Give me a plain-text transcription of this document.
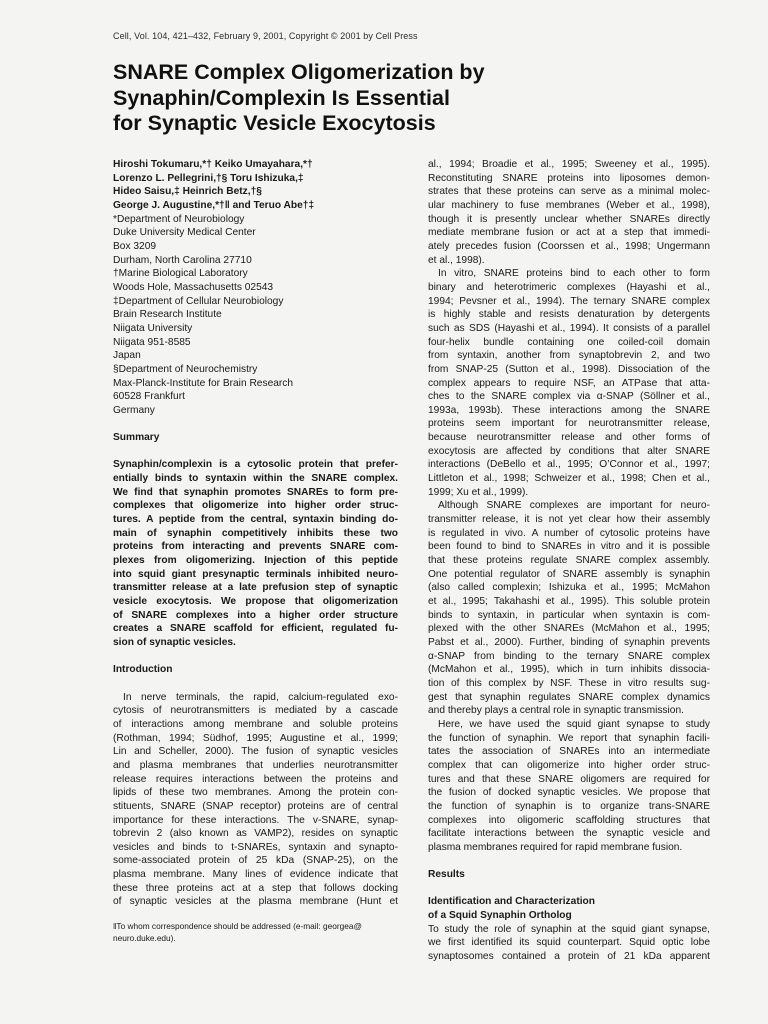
Cell, Vol. 104, 421–432, February 9, 2001, Copyright © 2001 by Cell Press
SNARE Complex Oligomerization by
Synaphin/Complexin Is Essential
for Synaptic Vesicle Exocytosis
Hiroshi Tokumaru,*† Keiko Umayahara,*†
Lorenzo L. Pellegrini,†§ Toru Ishizuka,‡
Hideo Saisu,‡ Heinrich Betz,†§
George J. Augustine,*†‖ and Teruo Abe†‡
*Department of Neurobiology
Duke University Medical Center
Box 3209
Durham, North Carolina 27710
†Marine Biological Laboratory
Woods Hole, Massachusetts 02543
‡Department of Cellular Neurobiology
Brain Research Institute
Niigata University
Niigata 951-8585
Japan
§Department of Neurochemistry
Max-Planck-Institute for Brain Research
60528 Frankfurt
Germany
Summary
Synaphin/complexin is a cytosolic protein that prefer-
entially binds to syntaxin within the SNARE complex.
We find that synaphin promotes SNAREs to form pre-
complexes that oligomerize into higher order struc-
tures. A peptide from the central, syntaxin binding do-
main of synaphin competitively inhibits these two
proteins from interacting and prevents SNARE com-
plexes from oligomerizing. Injection of this peptide
into squid giant presynaptic terminals inhibited neuro-
transmitter release at a late prefusion step of synaptic
vesicle exocytosis. We propose that oligomerization
of SNARE complexes into a higher order structure
creates a SNARE scaffold for efficient, regulated fu-
sion of synaptic vesicles.
Introduction
In nerve terminals, the rapid, calcium-regulated exo-
cytosis of neurotransmitters is mediated by a cascade
of interactions among membrane and soluble proteins
(Rothman, 1994; Südhof, 1995; Augustine et al., 1999;
Lin and Scheller, 2000). The fusion of synaptic vesicles
and plasma membranes that underlies neurotransmitter
release requires interactions between the proteins and
lipids of these two membranes. Among the protein con-
stituents, SNARE (SNAP receptor) proteins are of central
importance for these interactions. The v-SNARE, synap-
tobrevin 2 (also known as VAMP2), resides on synaptic
vesicles and binds to t-SNAREs, syntaxin and synapto-
some-associated protein of 25 kDa (SNAP-25), on the
plasma membrane. Many lines of evidence indicate that
these three proteins act at a step that follows docking
of synaptic vesicles at the plasma membrane (Hunt et
‖To whom correspondence should be addressed (e-mail: georgea@
neuro.duke.edu).
al., 1994; Broadie et al., 1995; Sweeney et al., 1995).
Reconstituting SNARE proteins into liposomes demon-
strates that these proteins can serve as a minimal molec-
ular machinery to fuse membranes (Weber et al., 1998),
though it is presently unclear whether SNAREs directly
mediate membrane fusion or act at a step that immedi-
ately precedes fusion (Coorssen et al., 1998; Ungermann
et al., 1998).
In vitro, SNARE proteins bind to each other to form
binary and heterotrimeric complexes (Hayashi et al.,
1994; Pevsner et al., 1994). The ternary SNARE complex
is highly stable and resists denaturation by detergents
such as SDS (Hayashi et al., 1994). It consists of a parallel
four-helix bundle containing one coiled-coil domain
from syntaxin, another from synaptobrevin 2, and two
from SNAP-25 (Sutton et al., 1998). Dissociation of the
complex appears to require NSF, an ATPase that atta-
ches to the SNARE complex via α-SNAP (Söllner et al.,
1993a, 1993b). These interactions among the SNARE
proteins seem important for neurotransmitter release,
because neurotransmitter release and other forms of
exocytosis are affected by conditions that alter SNARE
interactions (DeBello et al., 1995; O’Connor et al., 1997;
Littleton et al., 1998; Schweizer et al., 1998; Chen et al.,
1999; Xu et al., 1999).
Although SNARE complexes are important for neuro-
transmitter release, it is not yet clear how their assembly
is regulated in vivo. A number of cytosolic proteins have
been found to bind to SNAREs in vitro and it is possible
that these proteins regulate SNARE complex assembly.
One potential regulator of SNARE assembly is synaphin
(also called complexin; Ishizuka et al., 1995; McMahon
et al., 1995; Takahashi et al., 1995). This soluble protein
binds to syntaxin, in particular when syntaxin is com-
plexed with the other SNAREs (McMahon et al., 1995;
Pabst et al., 2000). Further, binding of synaphin prevents
α-SNAP from binding to the ternary SNARE complex
(McMahon et al., 1995), which in turn inhibits dissocia-
tion of this complex by NSF. These in vitro results sug-
gest that synaphin regulates SNARE complex dynamics
and thereby plays a central role in synaptic transmission.
Here, we have used the squid giant synapse to study
the function of synaphin. We report that synaphin facili-
tates the association of SNAREs into an intermediate
complex that can oligomerize into higher order struc-
tures and that these SNARE oligomers are required for
the fusion of docked synaptic vesicles. We propose that
the function of synaphin is to organize trans-SNARE
complexes into oligomeric scaffolding structures that
facilitate interactions between the synaptic vesicle and
plasma membranes required for rapid membrane fusion.
Results
Identification and Characterization
of a Squid Synaphin Ortholog
To study the role of synaphin at the squid giant synapse,
we first identified its squid counterpart. Squid optic lobe
synaptosomes contained a protein of 21 kDa apparent
